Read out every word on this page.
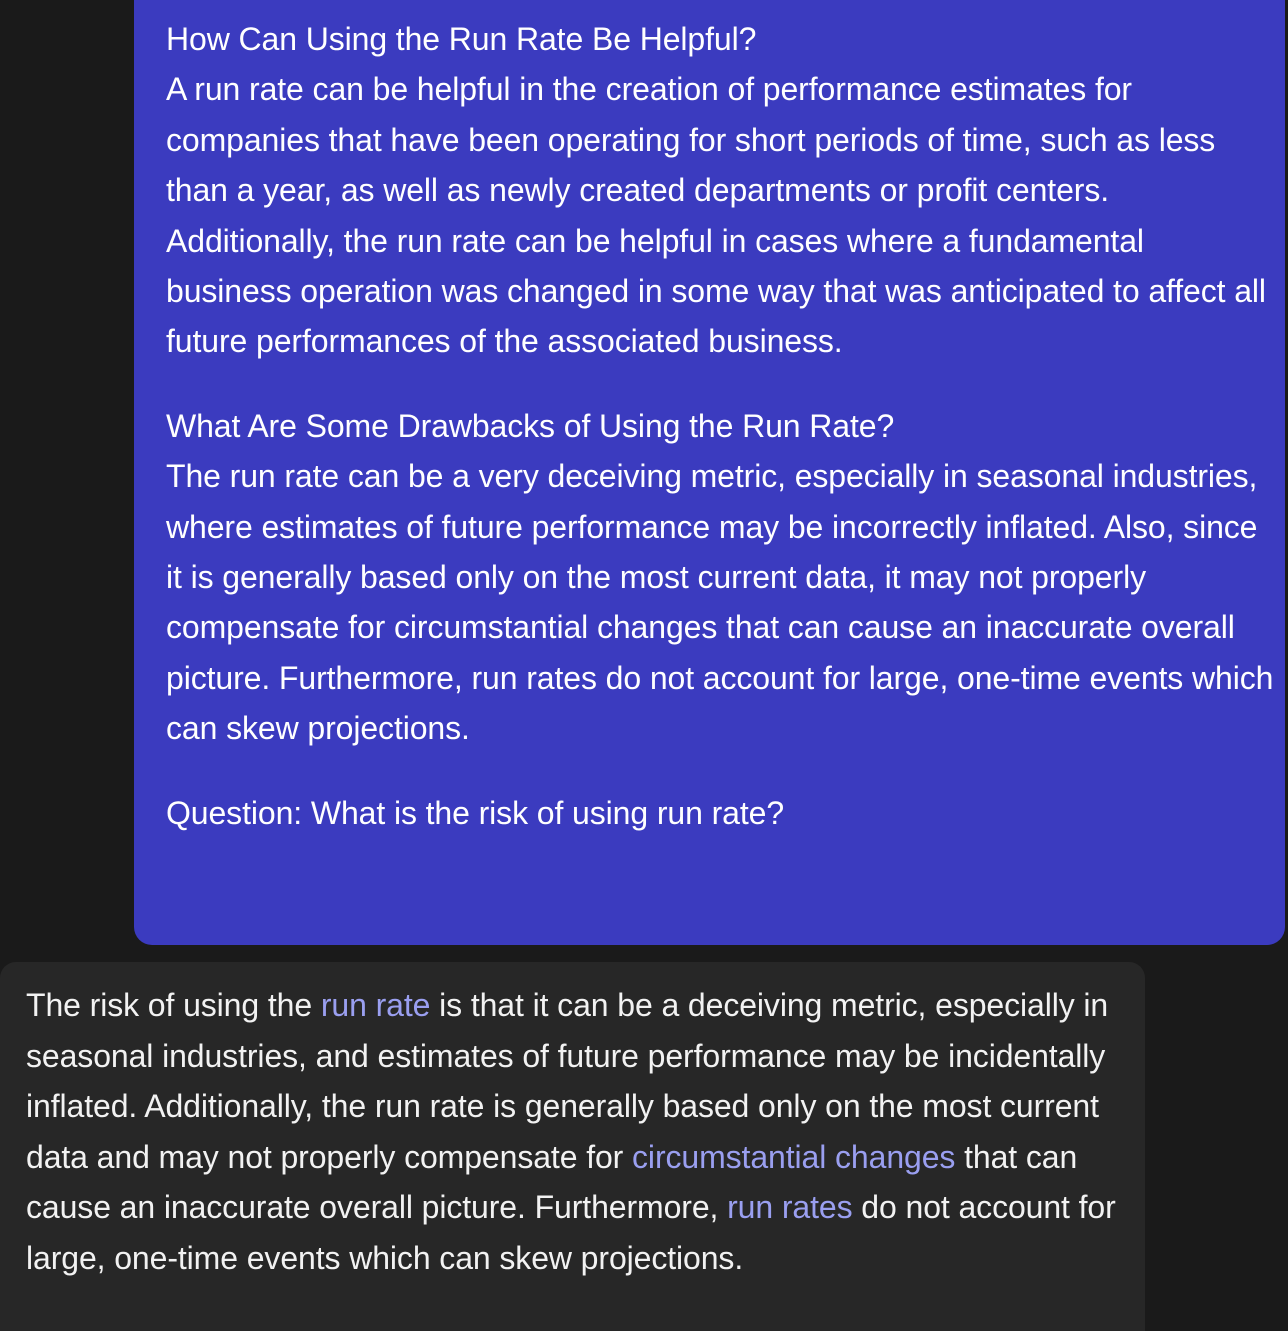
How Can Using the Run Rate Be Helpful?
A run rate can be helpful in the creation of performance estimates for companies that have been operating for short periods of time, such as less than a year, as well as newly created departments or profit centers. Additionally, the run rate can be helpful in cases where a fundamental business operation was changed in some way that was anticipated to affect all future performances of the associated business.

What Are Some Drawbacks of Using the Run Rate?
The run rate can be a very deceiving metric, especially in seasonal industries, where estimates of future performance may be incorrectly inflated. Also, since it is generally based only on the most current data, it may not properly compensate for circumstantial changes that can cause an inaccurate overall picture. Furthermore, run rates do not account for large, one-time events which can skew projections.

Question: What is the risk of using run rate?

The risk of using the run rate is that it can be a deceiving metric, especially in seasonal industries, and estimates of future performance may be incidentally inflated. Additionally, the run rate is generally based only on the most current data and may not properly compensate for circumstantial changes that can cause an inaccurate overall picture. Furthermore, run rates do not account for large, one-time events which can skew projections.
